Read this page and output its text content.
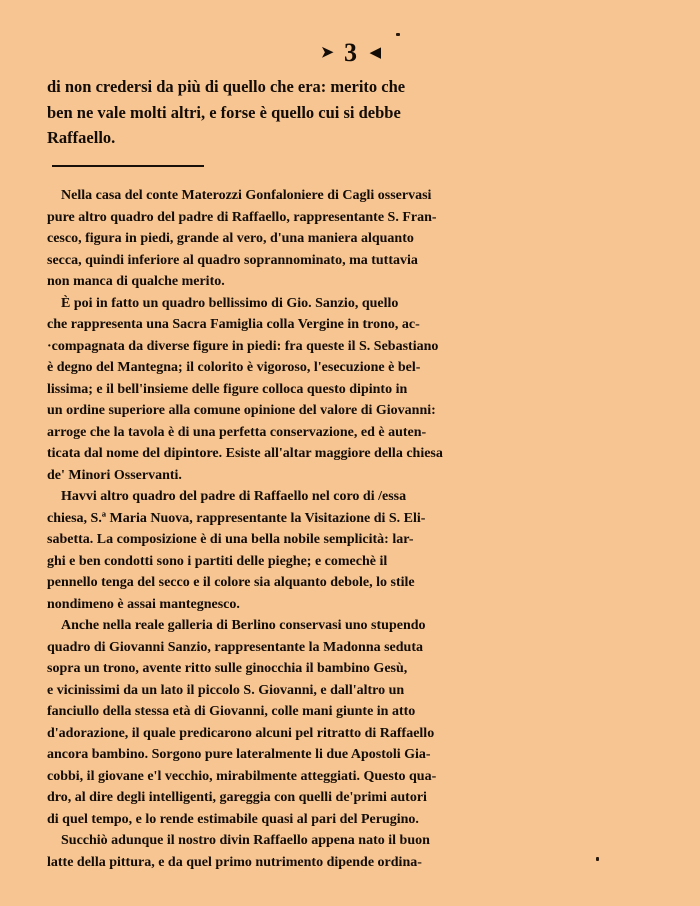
➤ 3 ◀
di non credersi da più di quello che era: merito che
ben ne vale molti altri, e forse è quello cui si debbe
Raffaello.
Nella casa del conte Materozzi Gonfaloniere di Cagli osservasi
pure altro quadro del padre di Raffaello, rappresentante S. Fran-
cesco, figura in piedi, grande al vero, d'una maniera alquanto
secca, quindi inferiore al quadro soprannominato, ma tuttavia
non manca di qualche merito.
È poi in fatto un quadro bellissimo di Gio. Sanzio, quello
che rappresenta una Sacra Famiglia colla Vergine in trono, ac-
·compagnata da diverse figure in piedi: fra queste il S. Sebastiano
è degno del Mantegna; il colorito è vigoroso, l'esecuzione è bel-
lissima; e il bell'insieme delle figure colloca questo dipinto in
un ordine superiore alla comune opinione del valore di Giovanni:
arroge che la tavola è di una perfetta conservazione, ed è auten-
ticata dal nome del dipintore. Esiste all'altar maggiore della chiesa
de' Minori Osservanti.
Havvi altro quadro del padre di Raffaello nel coro di /essa
chiesa, S.ª Maria Nuova, rappresentante la Visitazione di S. Eli-
sabetta. La composizione è di una bella nobile semplicità: lar-
ghi e ben condotti sono i partiti delle pieghe; e comechè il
pennello tenga del secco e il colore sia alquanto debole, lo stile
nondimeno è assai mantegnesco.
Anche nella reale galleria di Berlino conservasi uno stupendo
quadro di Giovanni Sanzio, rappresentante la Madonna seduta
sopra un trono, avente ritto sulle ginocchia il bambino Gesù,
e vicinissimi da un lato il piccolo S. Giovanni, e dall'altro un
fanciullo della stessa età di Giovanni, colle mani giunte in atto
d'adorazione, il quale predicarono alcuni pel ritratto di Raffaello
ancora bambino. Sorgono pure lateralmente li due Apostoli Gia-
cobbi, il giovane e'l vecchio, mirabilmente atteggiati. Questo qua-
dro, al dire degli intelligenti, gareggia con quelli de'primi autori
di quel tempo, e lo rende estimabile quasi al pari del Perugino.
Succhiò adunque il nostro divin Raffaello appena nato il buon
latte della pittura, e da quel primo nutrimento dipende ordina-
